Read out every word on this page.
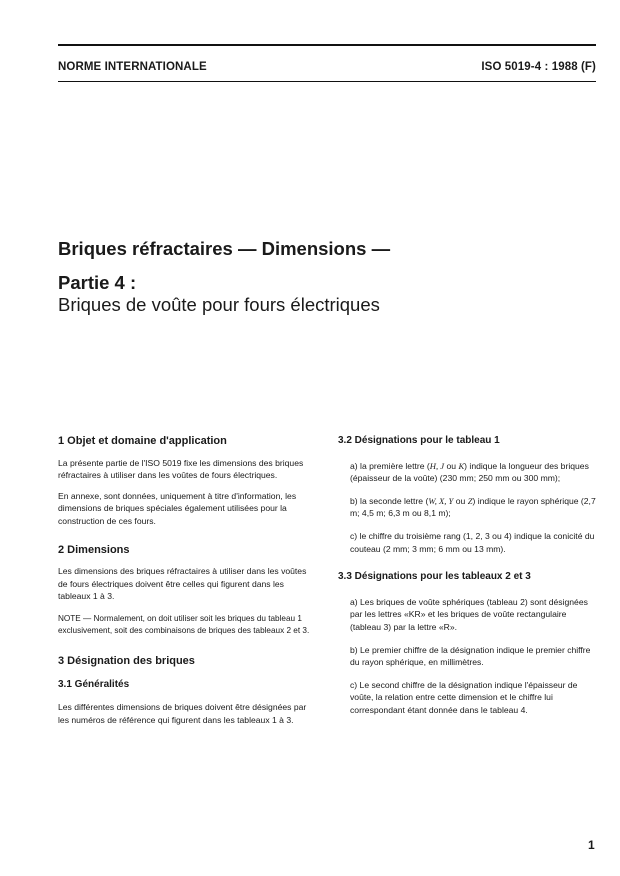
NORME INTERNATIONALE	ISO 5019-4 : 1988 (F)
Briques réfractaires — Dimensions —
Partie 4 :
Briques de voûte pour fours électriques
1 Objet et domaine d'application

La présente partie de l'ISO 5019 fixe les dimensions des briques réfractaires à utiliser dans les voûtes de fours électriques.

En annexe, sont données, uniquement à titre d'information, les dimensions de briques spéciales également utilisées pour la construction de ces fours.

2 Dimensions

Les dimensions des briques réfractaires à utiliser dans les voûtes de fours électriques doivent être celles qui figurent dans les tableaux 1 à 3.

NOTE — Normalement, on doit utiliser soit les briques du tableau 1 exclusivement, soit des combinaisons de briques des tableaux 2 et 3.

3 Désignation des briques
3.1 Généralités

Les différentes dimensions de briques doivent être désignées par les numéros de référence qui figurent dans les tableaux 1 à 3.

3.2 Désignations pour le tableau 1

a) la première lettre (H, J ou K) indique la longueur des briques (épaisseur de la voûte) (230 mm; 250 mm ou 300 mm);

b) la seconde lettre (W, X, Y ou Z) indique le rayon sphérique (2,7 m; 4,5 m; 6,3 m ou 8,1 m);

c) le chiffre du troisième rang (1, 2, 3 ou 4) indique la conicité du couteau (2 mm; 3 mm; 6 mm ou 13 mm).

3.3 Désignations pour les tableaux 2 et 3

a) Les briques de voûte sphériques (tableau 2) sont désignées par les lettres «KR» et les briques de voûte rectangulaire (tableau 3) par la lettre «R».

b) Le premier chiffre de la désignation indique le premier chiffre du rayon sphérique, en millimètres.

c) Le second chiffre de la désignation indique l'épaisseur de voûte, la relation entre cette dimension et le chiffre lui correspondant étant donnée dans le tableau 4.

1
